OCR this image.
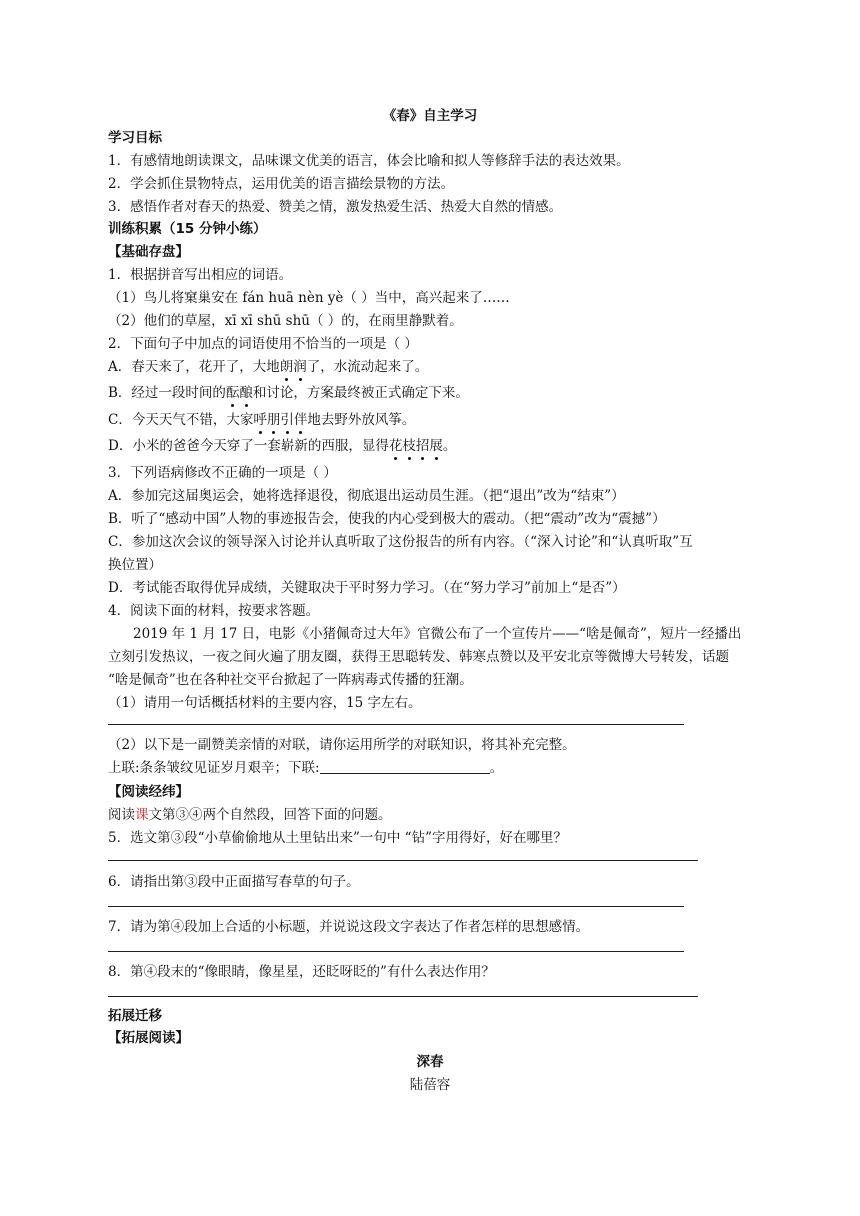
《春》自主学习
学习目标
1．有感情地朗读课文，品味课文优美的语言，体会比喻和拟人等修辞手法的表达效果。
2．学会抓住景物特点，运用优美的语言描绘景物的方法。
3．感悟作者对春天的热爱、赞美之情，激发热爱生活、热爱大自然的情感。
训练积累（15 分钟小练）
【基础存盘】
1．根据拼音写出相应的词语。
（1）鸟儿将窠巢安在 fán huā nèn yè（ ）当中，高兴起来了……
（2）他们的草屋，xī xī shū shū（ ）的，在雨里静默着。
2．下面句子中加点的词语使用不恰当的一项是（ ）
A．春天来了，花开了，大地朗润了，水流动起来了。
B．经过一段时间的酝酿和讨论，方案最终被正式确定下来。
C．今天天气不错，大家呼朋引伴地去野外放风筝。
D．小米的爸爸今天穿了一套崭新的西服，显得花枝招展。
3．下列语病修改不正确的一项是（ ）
A．参加完这届奥运会，她将选择退役，彻底退出运动员生涯。（把“退出”改为“结束”）
B．听了“感动中国”人物的事迹报告会，使我的内心受到极大的震动。（把“震动”改为“震撼”）
C．参加这次会议的领导深入讨论并认真听取了这份报告的所有内容。（“深入讨论”和“认真听取”互
换位置）
D．考试能否取得优异成绩，关键取决于平时努力学习。（在“努力学习”前加上“是否”）
4．阅读下面的材料，按要求答题。
2019 年 1 月 17 日，电影《小猪佩奇过大年》官微公布了一个宣传片——“啥是佩奇”，短片一经播出
立刻引发热议，一夜之间火遍了朋友圈，获得王思聪转发、韩寒点赞以及平安北京等微博大号转发，话题
“啥是佩奇”也在各种社交平台掀起了一阵病毒式传播的狂潮。
（1）请用一句话概括材料的主要内容，15 字左右。
（2）以下是一副赞美亲情的对联，请你运用所学的对联知识，将其补充完整。
上联:条条皱纹见证岁月艰辛；下联:	。
【阅读经纬】
阅读课文第③④两个自然段，回答下面的问题。
5．选文第③段“小草偷偷地从土里钻出来”一句中 “钻”字用得好，好在哪里？
6．请指出第③段中正面描写春草的句子。
7．请为第④段加上合适的小标题，并说说这段文字表达了作者怎样的思想感情。
8．第④段末的“像眼睛，像星星，还眨呀眨的”有什么表达作用？
拓展迁移
【拓展阅读】
深春
陆蓓容
